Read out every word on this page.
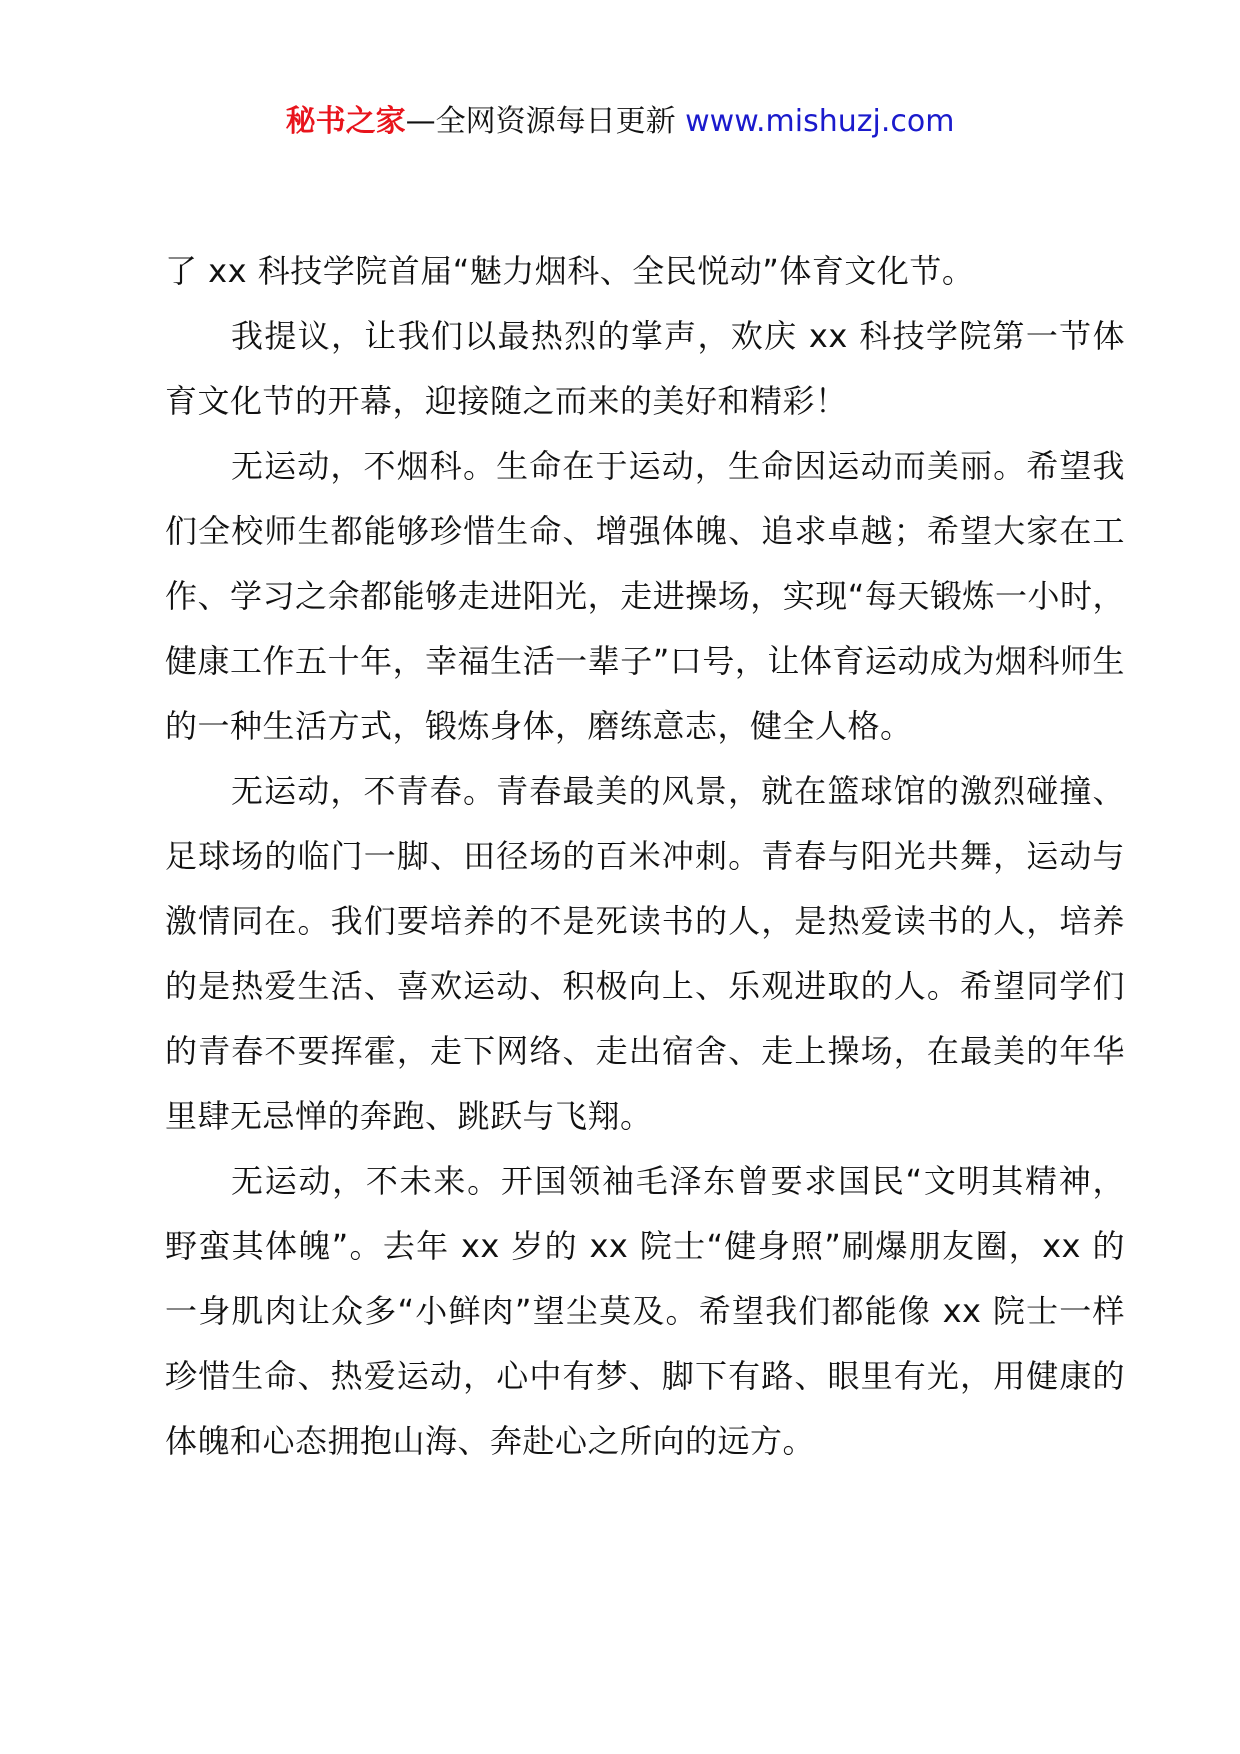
秘书之家—全网资源每日更新 www.mishuzj.com

了 xx 科技学院首届“魅力烟科、全民悦动”体育文化节。

我提议，让我们以最热烈的掌声，欢庆 xx 科技学院第一节体育文化节的开幕，迎接随之而来的美好和精彩！

无运动，不烟科。生命在于运动，生命因运动而美丽。希望我们全校师生都能够珍惜生命、增强体魄、追求卓越；希望大家在工作、学习之余都能够走进阳光，走进操场，实现“每天锻炼一小时，健康工作五十年，幸福生活一辈子”口号，让体育运动成为烟科师生的一种生活方式，锻炼身体，磨练意志，健全人格。

无运动，不青春。青春最美的风景，就在篮球馆的激烈碰撞、足球场的临门一脚、田径场的百米冲刺。青春与阳光共舞，运动与激情同在。我们要培养的不是死读书的人，是热爱读书的人，培养的是热爱生活、喜欢运动、积极向上、乐观进取的人。希望同学们的青春不要挥霍，走下网络、走出宿舍、走上操场，在最美的年华里肆无忌惮的奔跑、跳跃与飞翔。

无运动，不未来。开国领袖毛泽东曾要求国民“文明其精神，野蛮其体魄”。去年 xx 岁的 xx 院士“健身照”刷爆朋友圈，xx 的一身肌肉让众多“小鲜肉”望尘莫及。希望我们都能像 xx 院士一样珍惜生命、热爱运动，心中有梦、脚下有路、眼里有光，用健康的体魄和心态拥抱山海、奔赴心之所向的远方。
